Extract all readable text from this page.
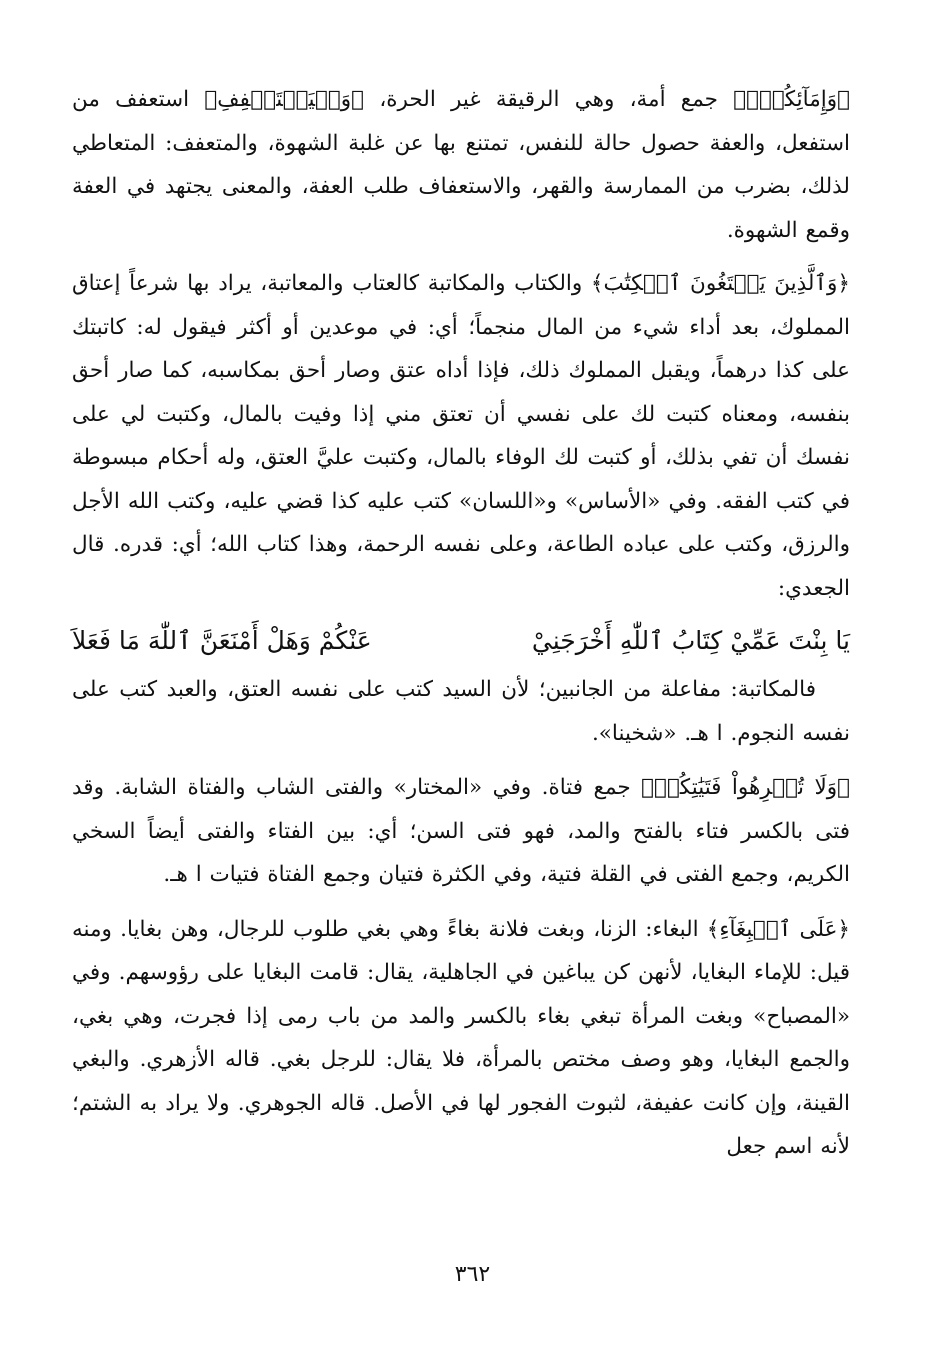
﴿وَإِمَآئِكُمۡۚ﴾ جمع أمة، وهي الرقيقة غير الحرة، ﴿وَلۡيَسۡتَعۡفِفِ﴾ استعفف من استفعل، والعفة حصول حالة للنفس، تمتنع بها عن غلبة الشهوة، والمتعفف: المتعاطي لذلك، بضرب من الممارسة والقهر، والاستعفاف طلب العفة، والمعنى يجتهد في العفة وقمع الشهوة.

﴿وَٱلَّذِينَ يَبۡتَغُونَ ٱلۡكِتَٰبَ﴾ والكتاب والمكاتبة كالعتاب والمعاتبة، يراد بها شرعاً إعتاق المملوك، بعد أداء شيء من المال منجماً؛ أي: في موعدين أو أكثر فيقول له: كاتبتك على كذا درهماً، ويقبل المملوك ذلك، فإذا أداه عتق وصار أحق بمكاسبه، كما صار أحق بنفسه، ومعناه كتبت لك على نفسي أن تعتق مني إذا وفيت بالمال، وكتبت لي على نفسك أن تفي بذلك، أو كتبت لك الوفاء بالمال، وكتبت عليَّ العتق، وله أحكام مبسوطة في كتب الفقه. وفي «الأساس» و«اللسان» كتب عليه كذا قضي عليه، وكتب الله الأجل والرزق، وكتب على عباده الطاعة، وعلى نفسه الرحمة، وهذا كتاب الله؛ أي: قدره. قال الجعدي:

يَا بِنْتَ عَمِّيْ كِتَابُ ٱللّٰهِ أَخْرَجَنِيْ
عَنْكُمْ وَهَلْ أَمْنَعَنَّ ٱللّٰهَ مَا فَعَلاَ

فالمكاتبة: مفاعلة من الجانبين؛ لأن السيد كتب على نفسه العتق، والعبد كتب على نفسه النجوم. ا هـ. «شخينا».

﴿وَلَا تُكۡرِهُواْ فَتَيَٰتِكُمۡ﴾ جمع فتاة. وفي «المختار» والفتى الشاب والفتاة الشابة. وقد فتى بالكسر فتاء بالفتح والمد، فهو فتى السن؛ أي: بين الفتاء والفتى أيضاً السخي الكريم، وجمع الفتى في القلة فتية، وفي الكثرة فتيان وجمع الفتاة فتيات ا هـ.

﴿عَلَى ٱلۡبِغَآءِ﴾ البغاء: الزنا، وبغت فلانة بغاءً وهي بغي طلوب للرجال، وهن بغايا. ومنه قيل: للإماء البغايا، لأنهن كن يباغين في الجاهلية، يقال: قامت البغايا على رؤوسهم. وفي «المصباح» وبغت المرأة تبغي بغاء بالكسر والمد من باب رمى إذا فجرت، وهي بغي، والجمع البغايا، وهو وصف مختص بالمرأة، فلا يقال: للرجل بغي. قاله الأزهري. والبغي القينة، وإن كانت عفيفة، لثبوت الفجور لها في الأصل. قاله الجوهري. ولا يراد به الشتم؛ لأنه اسم جعل

٣٦٢
